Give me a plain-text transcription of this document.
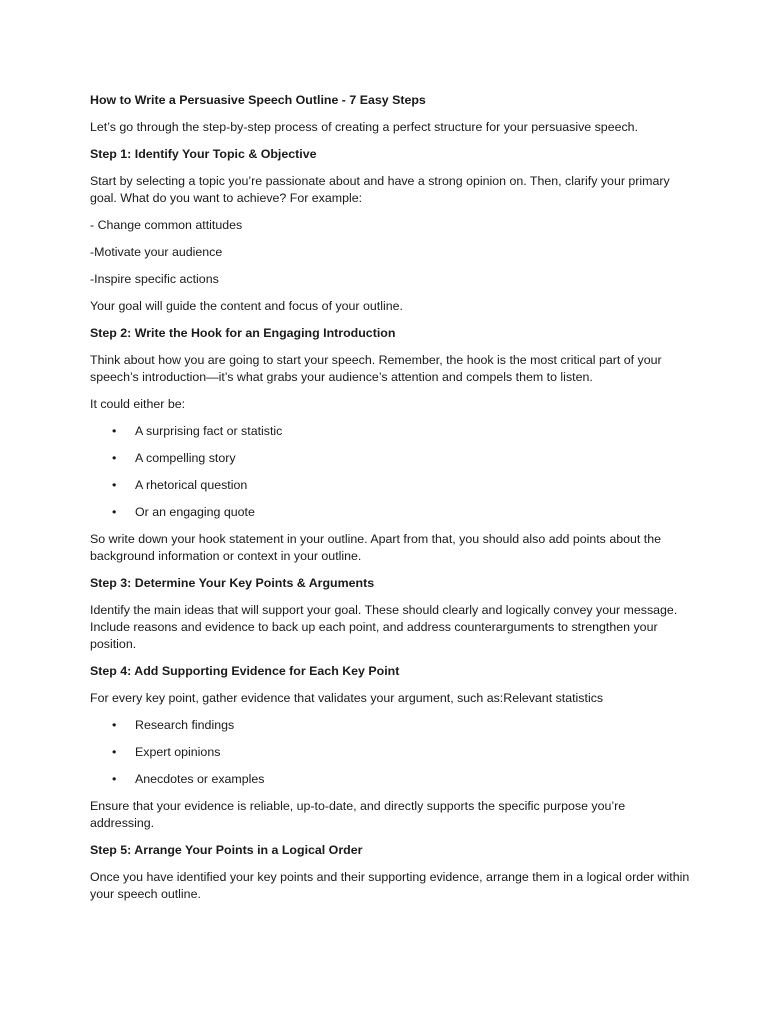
How to Write a Persuasive Speech Outline - 7 Easy Steps
Let’s go through the step-by-step process of creating a perfect structure for your persuasive speech.
Step 1: Identify Your Topic & Objective
Start by selecting a topic you’re passionate about and have a strong opinion on. Then, clarify your primary goal. What do you want to achieve? For example:
- Change common attitudes
-Motivate your audience
-Inspire specific actions
Your goal will guide the content and focus of your outline.
Step 2: Write the Hook for an Engaging Introduction
Think about how you are going to start your speech. Remember, the hook is the most critical part of your speech’s introduction—it’s what grabs your audience’s attention and compels them to listen.
It could either be:
• A surprising fact or statistic
• A compelling story
• A rhetorical question
• Or an engaging quote
So write down your hook statement in your outline. Apart from that, you should also add points about the background information or context in your outline.
Step 3: Determine Your Key Points & Arguments
Identify the main ideas that will support your goal. These should clearly and logically convey your message. Include reasons and evidence to back up each point, and address counterarguments to strengthen your position.
Step 4: Add Supporting Evidence for Each Key Point
For every key point, gather evidence that validates your argument, such as:Relevant statistics
• Research findings
• Expert opinions
• Anecdotes or examples
Ensure that your evidence is reliable, up-to-date, and directly supports the specific purpose you’re addressing.
Step 5: Arrange Your Points in a Logical Order
Once you have identified your key points and their supporting evidence, arrange them in a logical order within your speech outline.
